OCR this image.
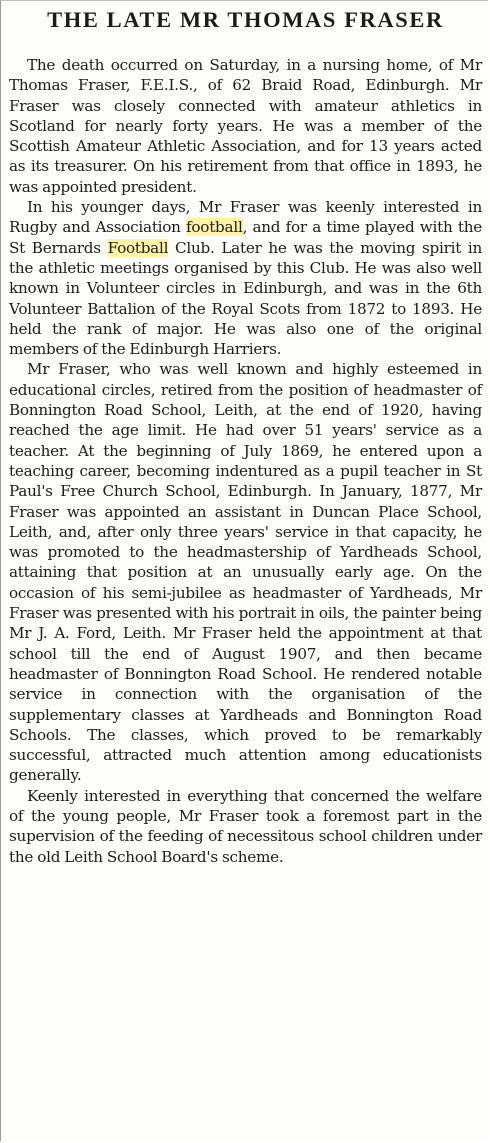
THE LATE MR THOMAS FRASER

The death occurred on Saturday, in a nursing home, of Mr Thomas Fraser, F.E.I.S., of 62 Braid Road, Edinburgh. Mr Fraser was closely connected with amateur athletics in Scotland for nearly forty years. He was a member of the Scottish Amateur Athletic Association, and for 13 years acted as its treasurer. On his retirement from that office in 1893, he was appointed president.

In his younger days, Mr Fraser was keenly interested in Rugby and Association football, and for a time played with the St Bernards Football Club. Later he was the moving spirit in the athletic meetings organised by this Club. He was also well known in Volunteer circles in Edinburgh, and was in the 6th Volunteer Battalion of the Royal Scots from 1872 to 1893. He held the rank of major. He was also one of the original members of the Edinburgh Harriers.

Mr Fraser, who was well known and highly esteemed in educational circles, retired from the position of headmaster of Bonnington Road School, Leith, at the end of 1920, having reached the age limit. He had over 51 years' service as a teacher. At the beginning of July 1869, he entered upon a teaching career, becoming indentured as a pupil teacher in St Paul's Free Church School, Edinburgh. In January, 1877, Mr Fraser was appointed an assistant in Duncan Place School, Leith, and, after only three years' service in that capacity, he was promoted to the headmastership of Yardheads School, attaining that position at an unusually early age. On the occasion of his semi-jubilee as headmaster of Yardheads, Mr Fraser was presented with his portrait in oils, the painter being Mr J. A. Ford, Leith. Mr Fraser held the appointment at that school till the end of August 1907, and then became headmaster of Bonnington Road School. He rendered notable service in connection with the organisation of the supplementary classes at Yardheads and Bonnington Road Schools. The classes, which proved to be remarkably successful, attracted much attention among educationists generally.

Keenly interested in everything that concerned the welfare of the young people, Mr Fraser took a foremost part in the supervision of the feeding of necessitous school children under the old Leith School Board's scheme.
